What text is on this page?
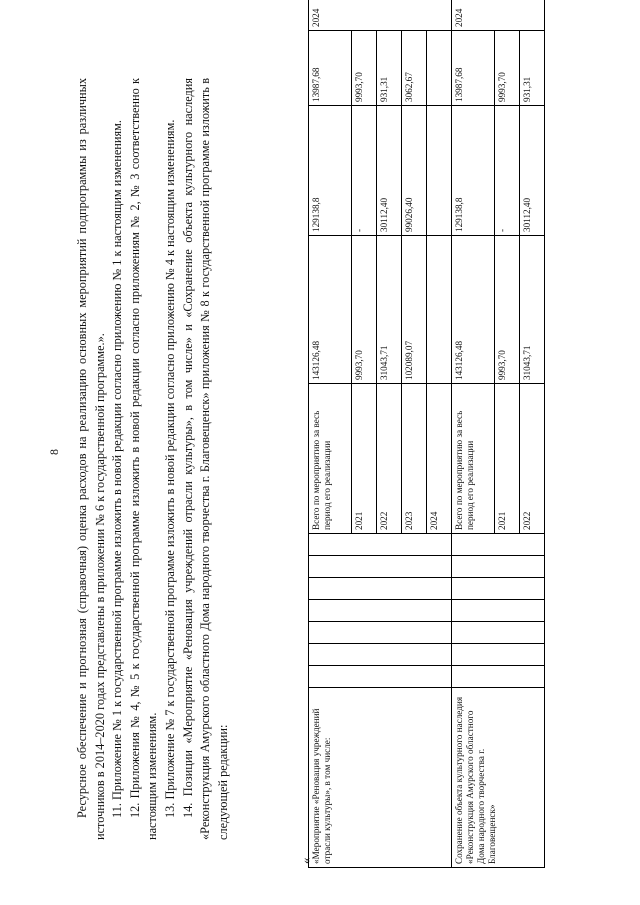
8 Ресурсное обеспечение и прогнозная (справочная) оценка расходов на реализацию основных мероприятий подпрограммы из различных источников в 2014–2020 годах представлены в приложении № 6 к государственной программе.». 11. Приложение № 1 к государственной программе изложить в новой редакции согласно приложению № 1 к настоящим изменениям. 12. Приложения № 4, № 5 к государственной программе изложить в новой редакции согласно приложениям № 2, № 3 соответственно к настоящим изменениям. 13. Приложение № 7 к государственной программе изложить в новой редакции согласно приложению № 4 к настоящим изменениям. 14. Позиции «Мероприятие «Реновация учреждений отрасли культуры», в том числе» и «Сохранение объекта культурного наследия «Реконструкция Амурского областного Дома народного творчества г. Благовещенск» приложения № 8 к государственной программе изложить в следующей редакции:

«
«Мероприятие «Реновация учреждений отрасли культуры», в том числе:								Всего по мероприятию за весь период его реализации	143126,48	129138,8	13987,68	2024
								2021	9993,70	-	9993,70	
								2022	31043,71	30112,40	931,31	
								2023	102089,07	99026,40	3062,67	
								2024				
Сохранение объекта культурного наследия «Реконструкция Амурского областного Дома народного творчества г. Благовещенск»								Всего по мероприятию за весь период его реализации	143126,48	129138,8	13987,68	2024
								2021	9993,70	-	9993,70	
								2022	31043,71	30112,40	931,31	
